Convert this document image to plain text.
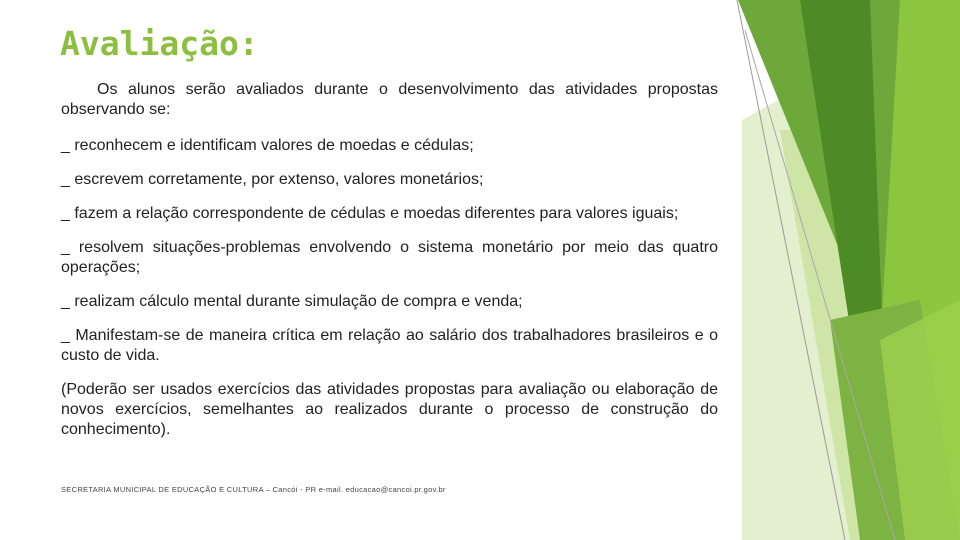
Avaliação:

Os alunos serão avaliados durante o desenvolvimento das atividades propostas observando se:

_ reconhecem e identificam valores de moedas e cédulas;

_ escrevem corretamente, por extenso, valores monetários;

_ fazem a relação correspondente de cédulas e moedas diferentes para valores iguais;

_ resolvem situações-problemas envolvendo o sistema monetário por meio das quatro operações;

_ realizam cálculo mental durante simulação de compra e venda;

_ Manifestam-se de maneira crítica em relação ao salário dos trabalhadores brasileiros e o custo de vida.

(Poderão ser usados exercícios das atividades propostas para avaliação ou elaboração de novos exercícios, semelhantes ao realizados durante o processo de construção do conhecimento).

SECRETARIA MUNICIPAL DE EDUCAÇÃO E CULTURA – Cancói - PR e-mail. educacao@cancoi.pr.gov.br
